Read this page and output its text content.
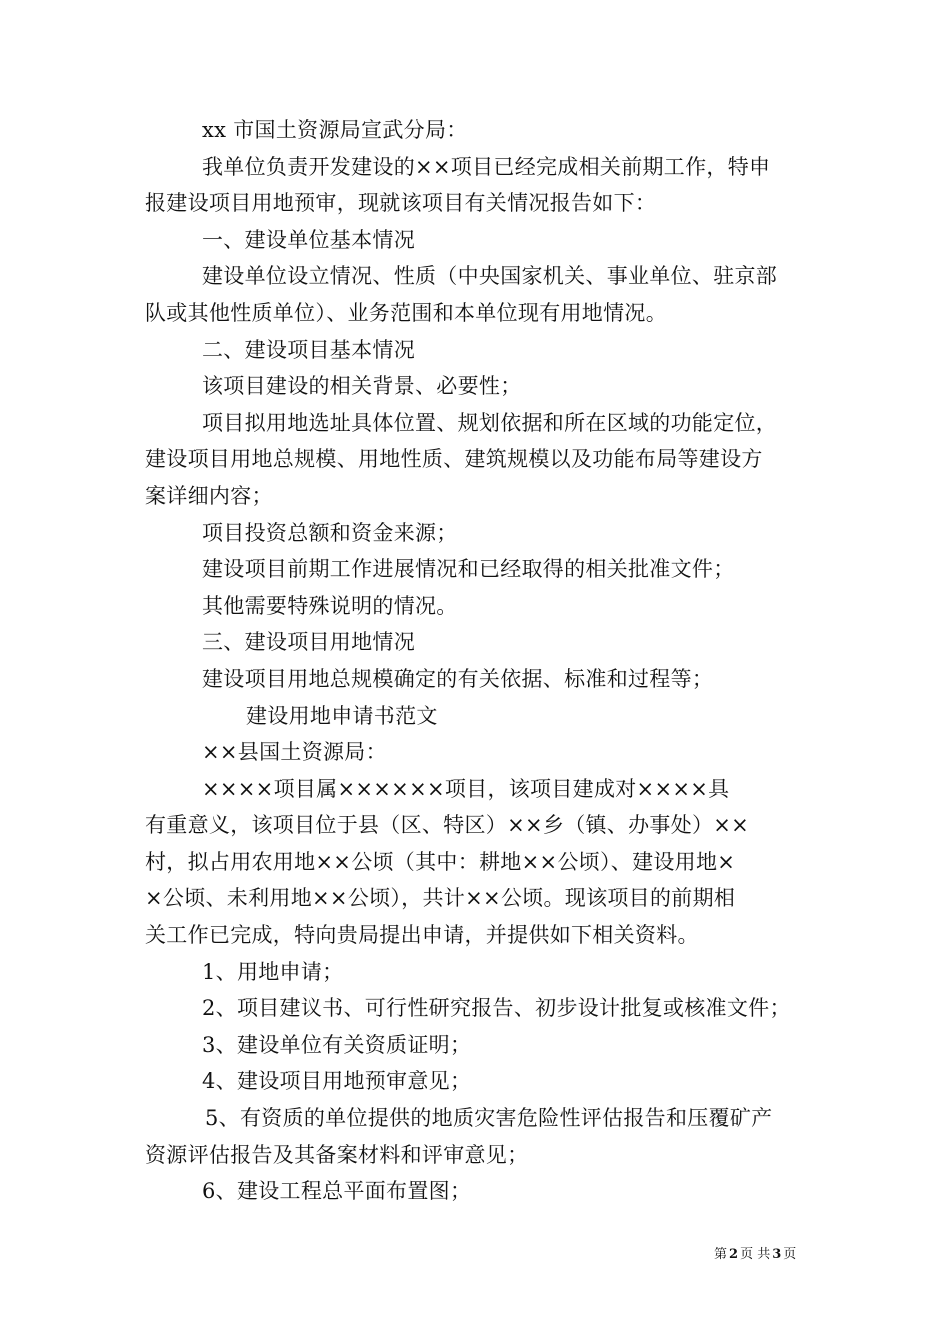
xx 市国土资源局宣武分局：

我单位负责开发建设的××项目已经完成相关前期工作，特申

报建设项目用地预审，现就该项目有关情况报告如下：

一、建设单位基本情况

建设单位设立情况、性质（中央国家机关、事业单位、驻京部

队或其他性质单位）、业务范围和本单位现有用地情况。

二、建设项目基本情况

该项目建设的相关背景、必要性；

项目拟用地选址具体位置、规划依据和所在区域的功能定位，

建设项目用地总规模、用地性质、建筑规模以及功能布局等建设方

案详细内容；

项目投资总额和资金来源；

建设项目前期工作进展情况和已经取得的相关批准文件；

其他需要特殊说明的情况。

三、建设项目用地情况

建设项目用地总规模确定的有关依据、标准和过程等；

建设用地申请书范文

××县国土资源局：

××××项目属××××××项目，该项目建成对××××具

有重意义，该项目位于县（区、特区）××乡（镇、办事处）××

村，拟占用农用地××公顷（其中：耕地××公顷）、建设用地×

×公顷、未利用地××公顷），共计××公顷。现该项目的前期相

关工作已完成，特向贵局提出申请，并提供如下相关资料。

1、用地申请；

2、项目建议书、可行性研究报告、初步设计批复或核准文件；

3、建设单位有关资质证明；

4、建设项目用地预审意见；

5、有资质的单位提供的地质灾害危险性评估报告和压覆矿产

资源评估报告及其备案材料和评审意见；

6、建设工程总平面布置图；

第 2 页 共 3 页
